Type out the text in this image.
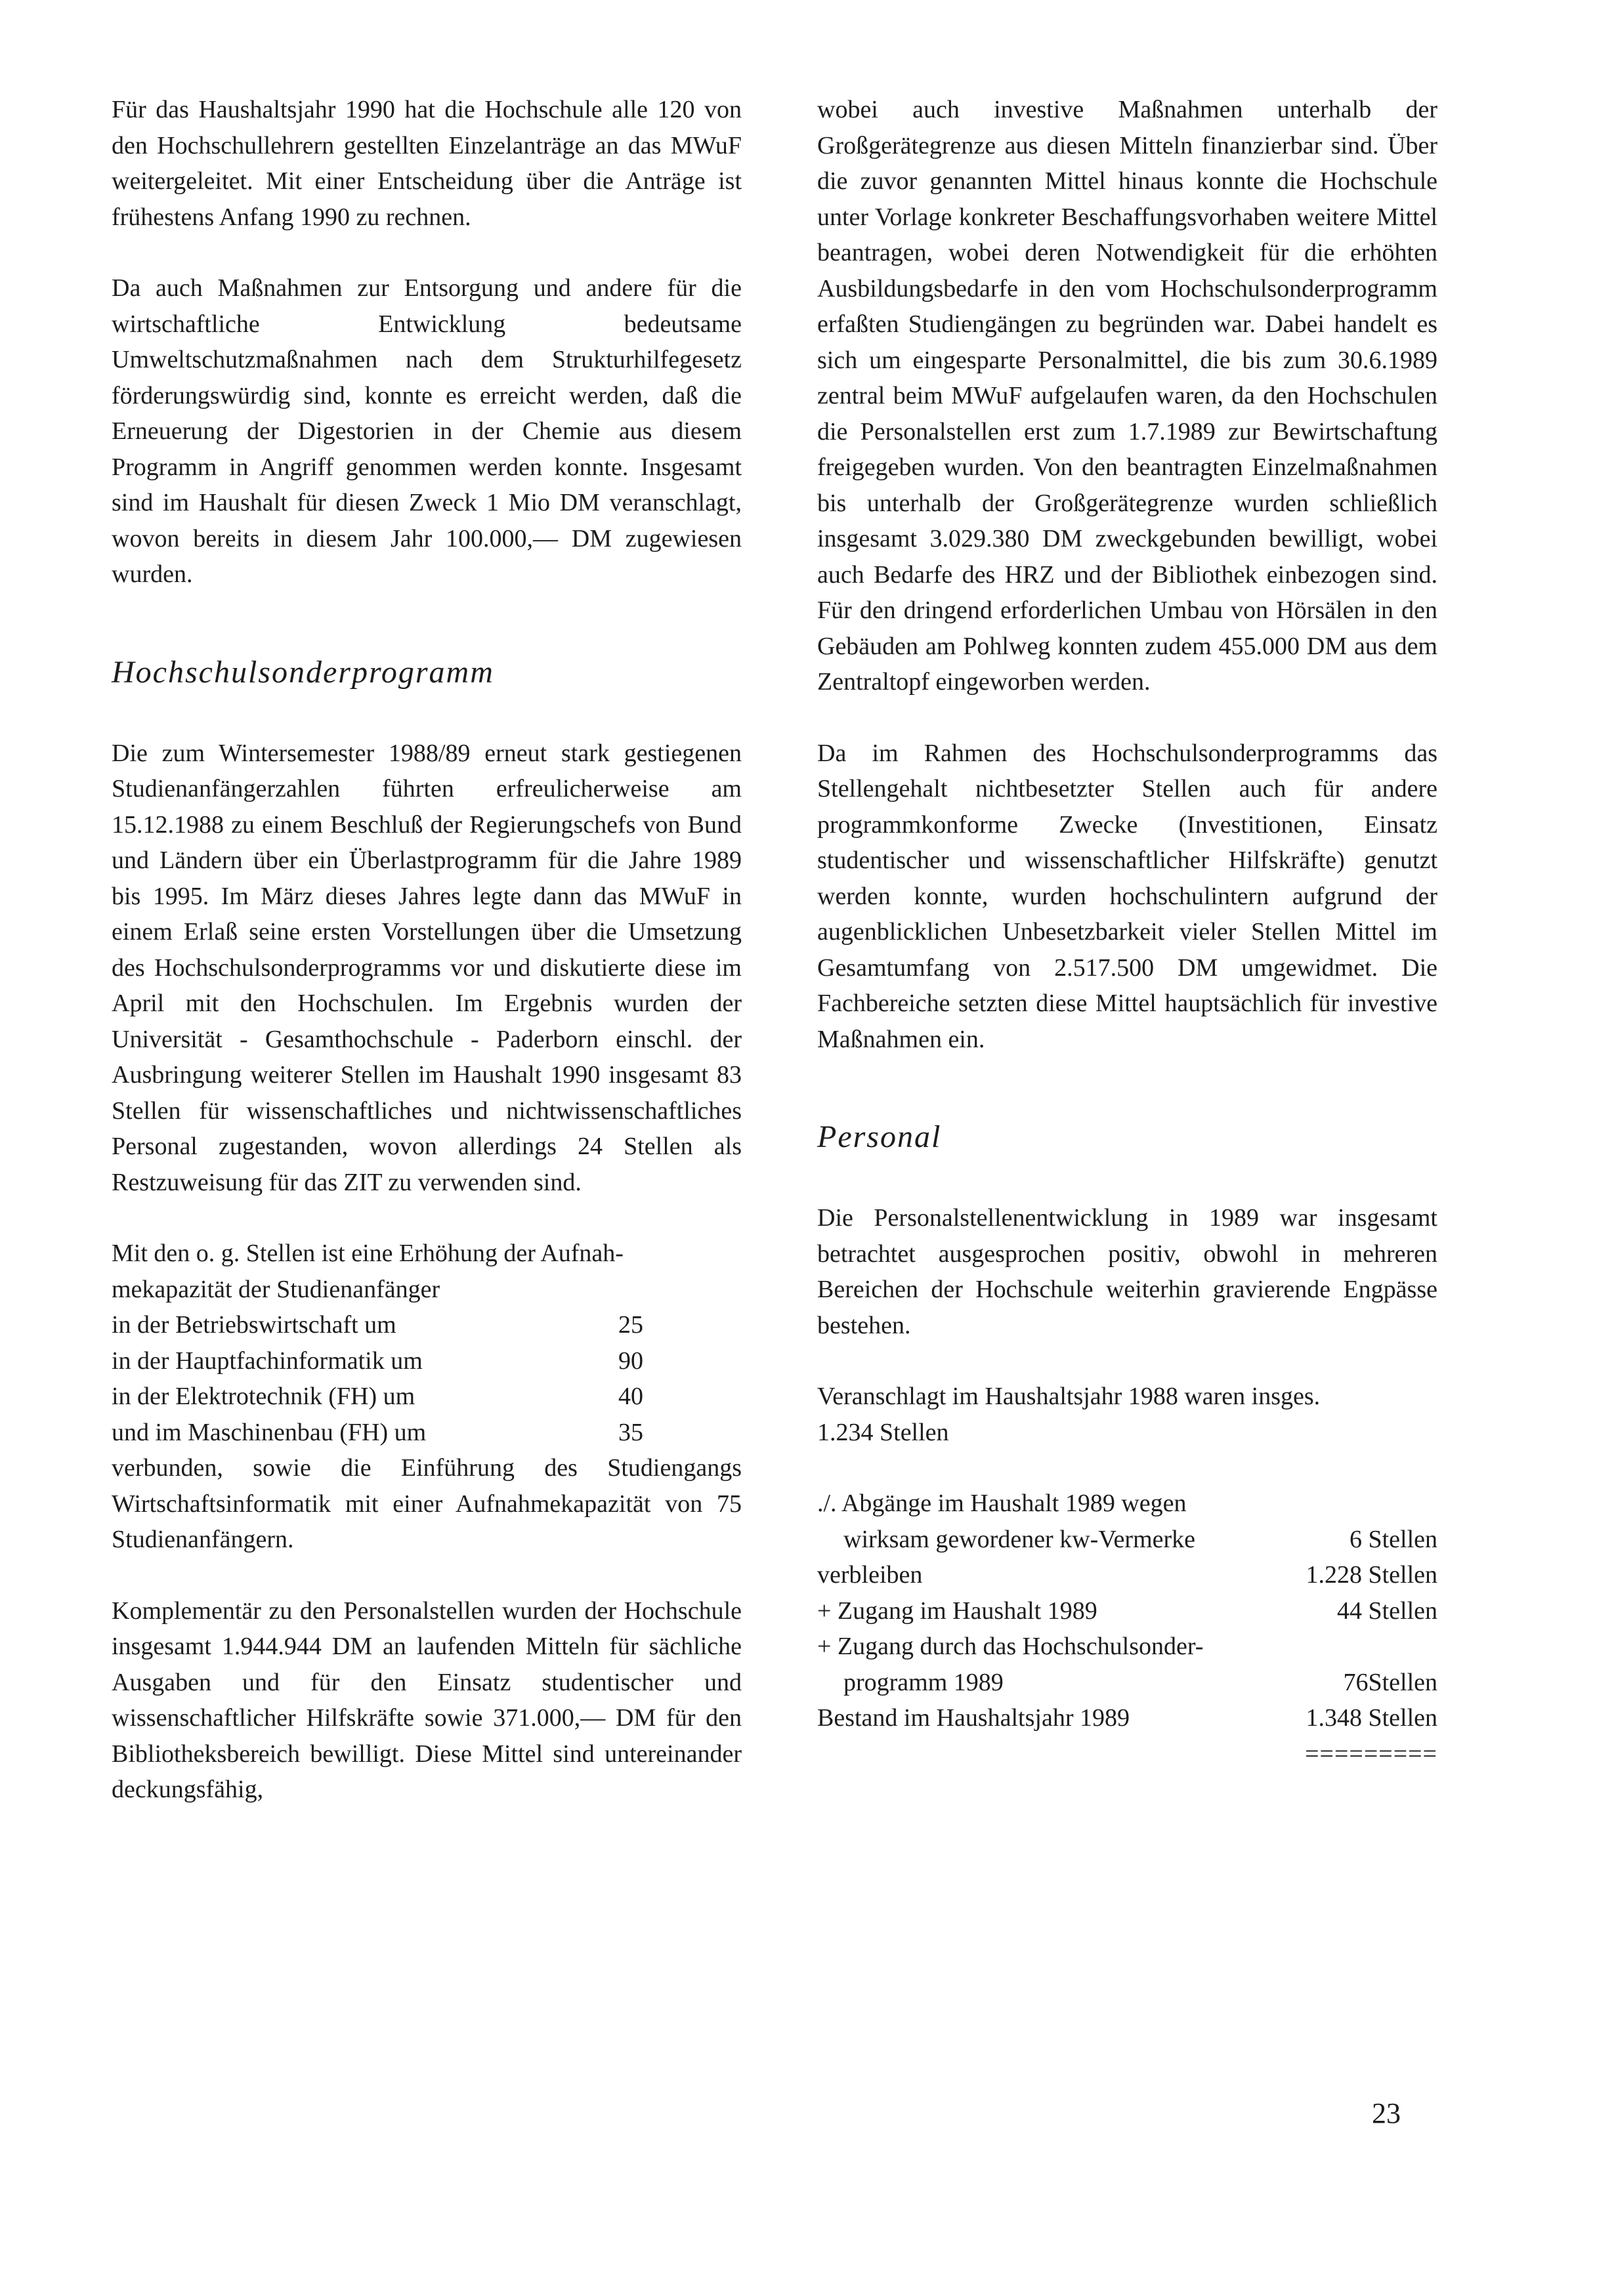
Für das Haushaltsjahr 1990 hat die Hochschule alle 120 von den Hochschullehrern gestellten Einzelanträge an das MWuF weitergeleitet. Mit einer Entscheidung über die Anträge ist frühestens Anfang 1990 zu rechnen.

Da auch Maßnahmen zur Entsorgung und andere für die wirtschaftliche Entwicklung bedeutsame Umweltschutzmaßnahmen nach dem Strukturhilfegesetz förderungswürdig sind, konnte es erreicht werden, daß die Erneuerung der Digestorien in der Chemie aus diesem Programm in Angriff genommen werden konnte. Insgesamt sind im Haushalt für diesen Zweck 1 Mio DM veranschlagt, wovon bereits in diesem Jahr 100.000,— DM zugewiesen wurden.

Hochschulsonderprogramm

Die zum Wintersemester 1988/89 erneut stark gestiegenen Studienanfängerzahlen führten erfreulicherweise am 15.12.1988 zu einem Beschluß der Regierungschefs von Bund und Ländern über ein Überlastprogramm für die Jahre 1989 bis 1995. Im März dieses Jahres legte dann das MWuF in einem Erlaß seine ersten Vorstellungen über die Umsetzung des Hochschulsonderprogramms vor und diskutierte diese im April mit den Hochschulen. Im Ergebnis wurden der Universität - Gesamthochschule - Paderborn einschl. der Ausbringung weiterer Stellen im Haushalt 1990 insgesamt 83 Stellen für wissenschaftliches und nichtwissenschaftliches Personal zugestanden, wovon allerdings 24 Stellen als Restzuweisung für das ZIT zu verwenden sind.

Mit den o. g. Stellen ist eine Erhöhung der Aufnah-
mekapazität der Studienanfänger
in der Betriebswirtschaft um	25
in der Hauptfachinformatik um	90
in der Elektrotechnik (FH) um	40
und im Maschinenbau (FH) um	35
verbunden, sowie die Einführung des Studiengangs Wirtschaftsinformatik mit einer Aufnahmekapazität von 75 Studienanfängern.

Komplementär zu den Personalstellen wurden der Hochschule insgesamt 1.944.944 DM an laufenden Mitteln für sächliche Ausgaben und für den Einsatz studentischer und wissenschaftlicher Hilfskräfte sowie 371.000,— DM für den Bibliotheksbereich bewilligt. Diese Mittel sind untereinander deckungsfähig,

wobei auch investive Maßnahmen unterhalb der Großgerätegrenze aus diesen Mitteln finanzierbar sind. Über die zuvor genannten Mittel hinaus konnte die Hochschule unter Vorlage konkreter Beschaffungsvorhaben weitere Mittel beantragen, wobei deren Notwendigkeit für die erhöhten Ausbildungsbedarfe in den vom Hochschulsonderprogramm erfaßten Studiengängen zu begründen war. Dabei handelt es sich um eingesparte Personalmittel, die bis zum 30.6.1989 zentral beim MWuF aufgelaufen waren, da den Hochschulen die Personalstellen erst zum 1.7.1989 zur Bewirtschaftung freigegeben wurden. Von den beantragten Einzelmaßnahmen bis unterhalb der Großgerätegrenze wurden schließlich insgesamt 3.029.380 DM zweckgebunden bewilligt, wobei auch Bedarfe des HRZ und der Bibliothek einbezogen sind. Für den dringend erforderlichen Umbau von Hörsälen in den Gebäuden am Pohlweg konnten zudem 455.000 DM aus dem Zentraltopf eingeworben werden.

Da im Rahmen des Hochschulsonderprogramms das Stellengehalt nichtbesetzter Stellen auch für andere programmkonforme Zwecke (Investitionen, Einsatz studentischer und wissenschaftlicher Hilfskräfte) genutzt werden konnte, wurden hochschulintern aufgrund der augenblicklichen Unbesetzbarkeit vieler Stellen Mittel im Gesamtumfang von 2.517.500 DM umgewidmet. Die Fachbereiche setzten diese Mittel hauptsächlich für investive Maßnahmen ein.

Personal

Die Personalstellenentwicklung in 1989 war insgesamt betrachtet ausgesprochen positiv, obwohl in mehreren Bereichen der Hochschule weiterhin gravierende Engpässe bestehen.

Veranschlagt im Haushaltsjahr 1988 waren insges.
1.234 Stellen
./. Abgänge im Haushalt 1989 wegen
wirksam gewordener kw-Vermerke	6 Stellen
verbleiben	1.228 Stellen
+ Zugang im Haushalt 1989	44 Stellen
+ Zugang durch das Hochschulsonder-
programm 1989	76Stellen
Bestand im Haushaltsjahr 1989	1.348 Stellen
=========
23
